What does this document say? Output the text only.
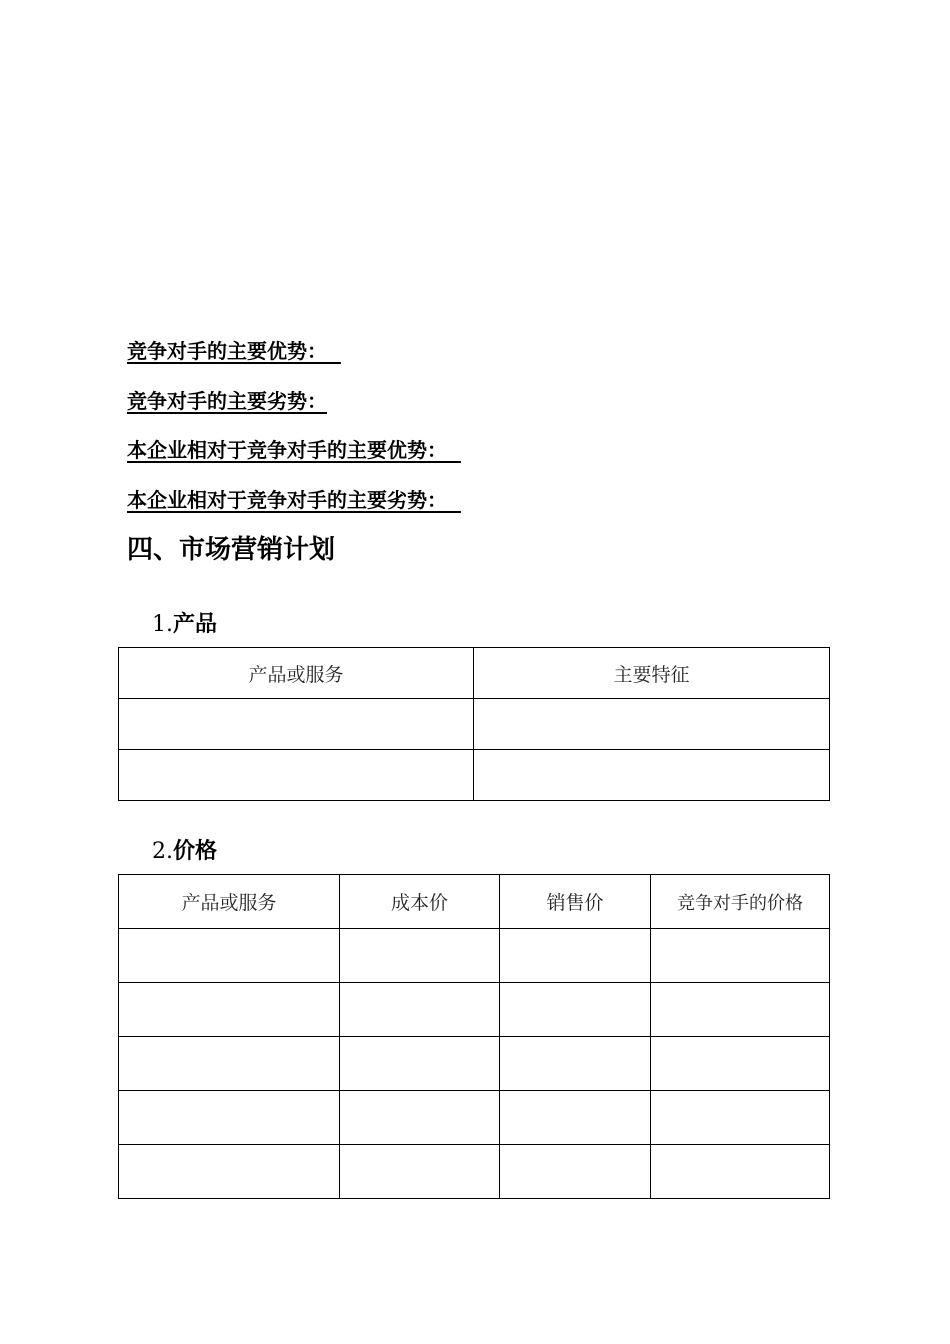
竞争对手的主要优势：
竞争对手的主要劣势：
本企业相对于竞争对手的主要优势：
本企业相对于竞争对手的主要劣势：
四、市场营销计划
1.产品
产品或服务	主要特征

2.价格
产品或服务	成本价	销售价	竞争对手的价格
